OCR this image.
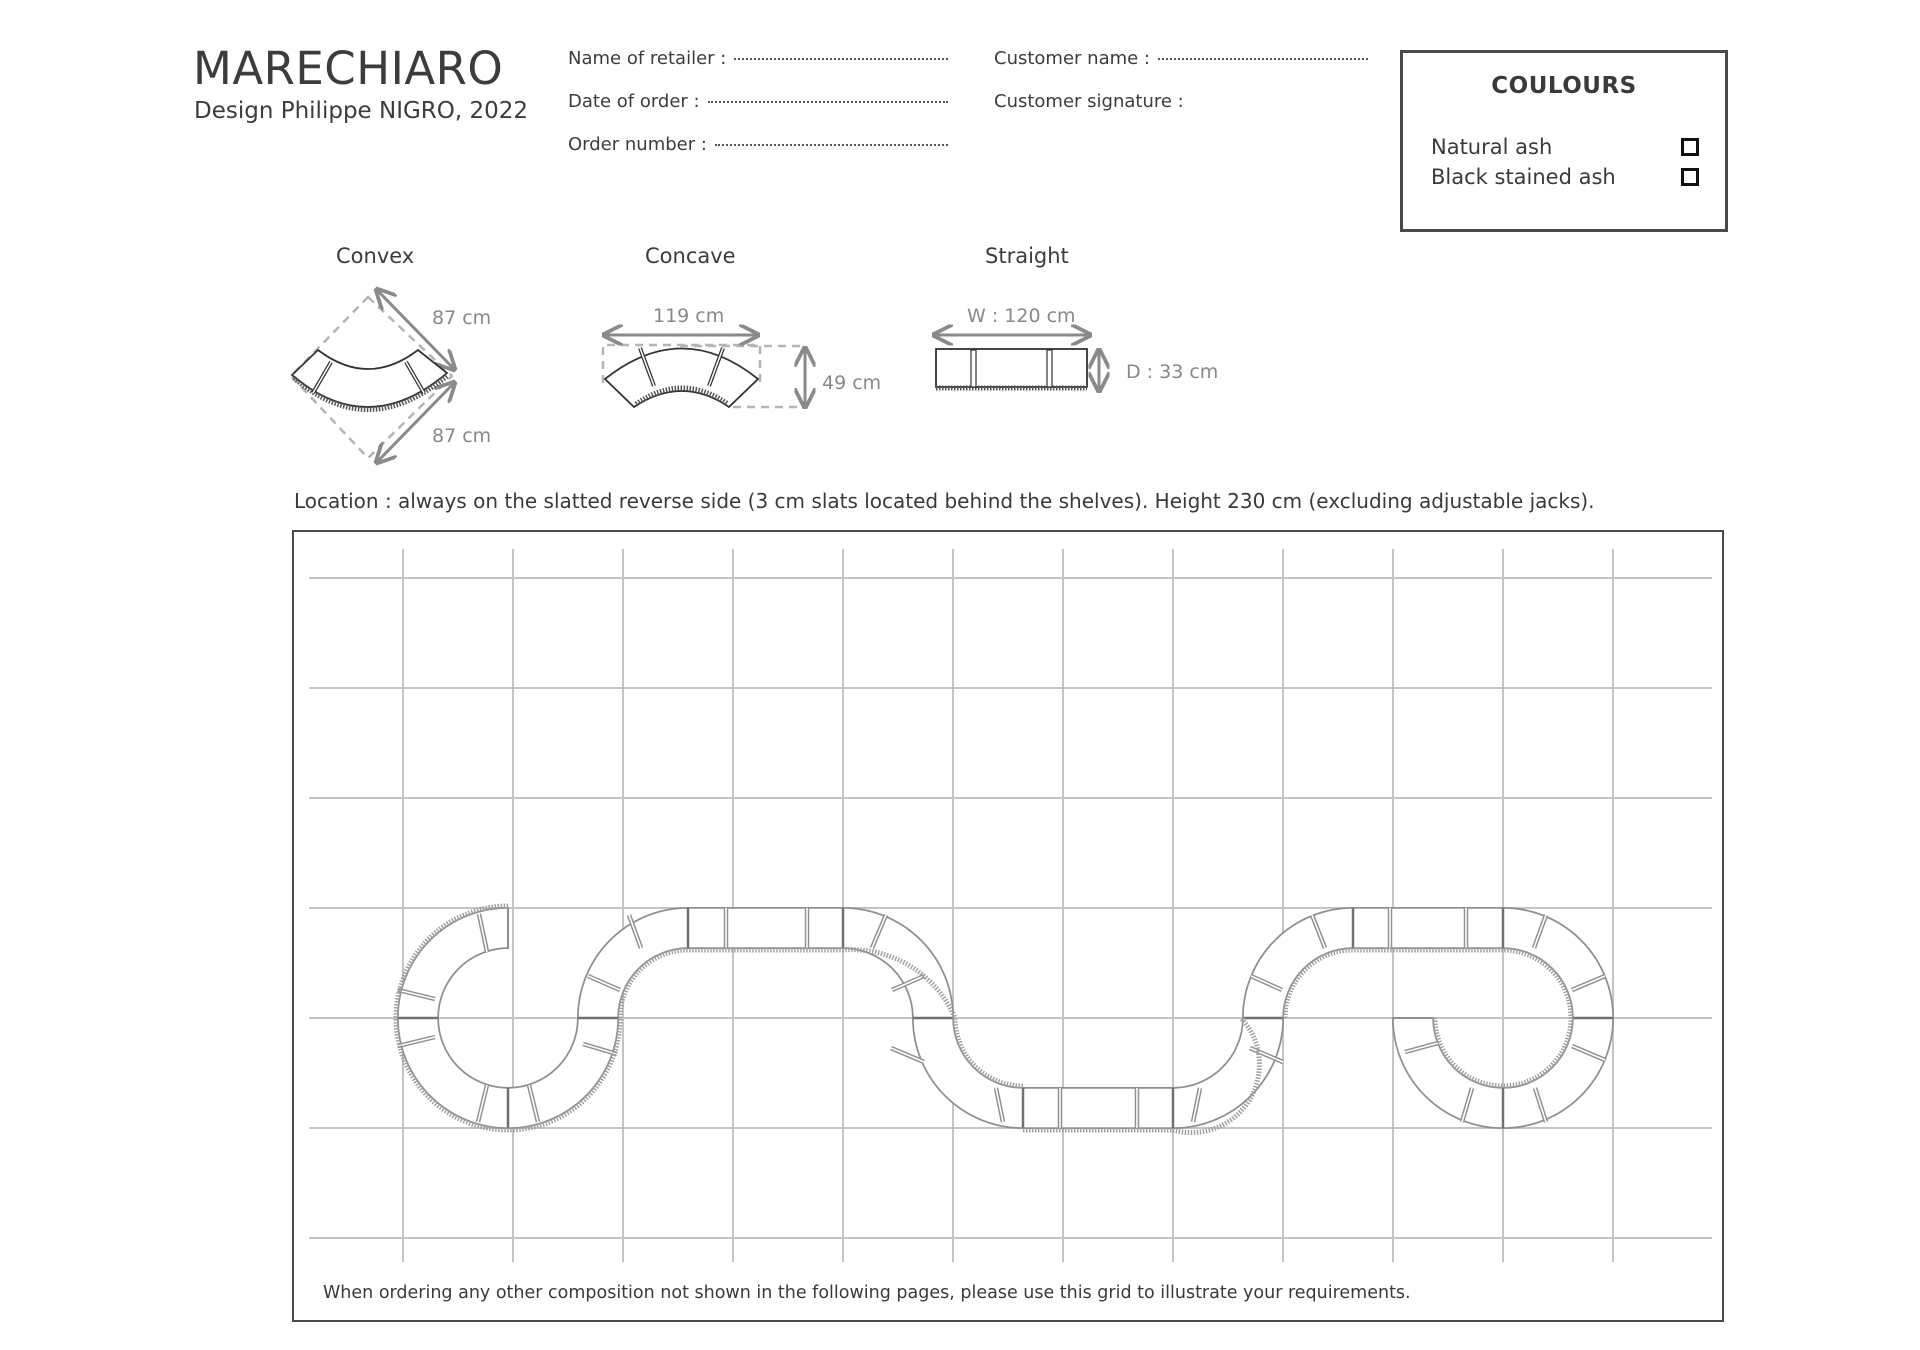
MARECHIARO
Design Philippe NIGRO, 2022
Name of retailer :
Date of order :
Order number :
Customer name :
Customer signature :
COULOURS
Natural ash
Black stained ash
Convex	Concave	Straight
87 cm
87 cm
119 cm
49 cm
W : 120 cm
D : 33 cm
Location : always on the slatted reverse side (3 cm slats located behind the shelves). Height 230 cm (excluding adjustable jacks).
When ordering any other composition not shown in the following pages, please use this grid to illustrate your requirements.
